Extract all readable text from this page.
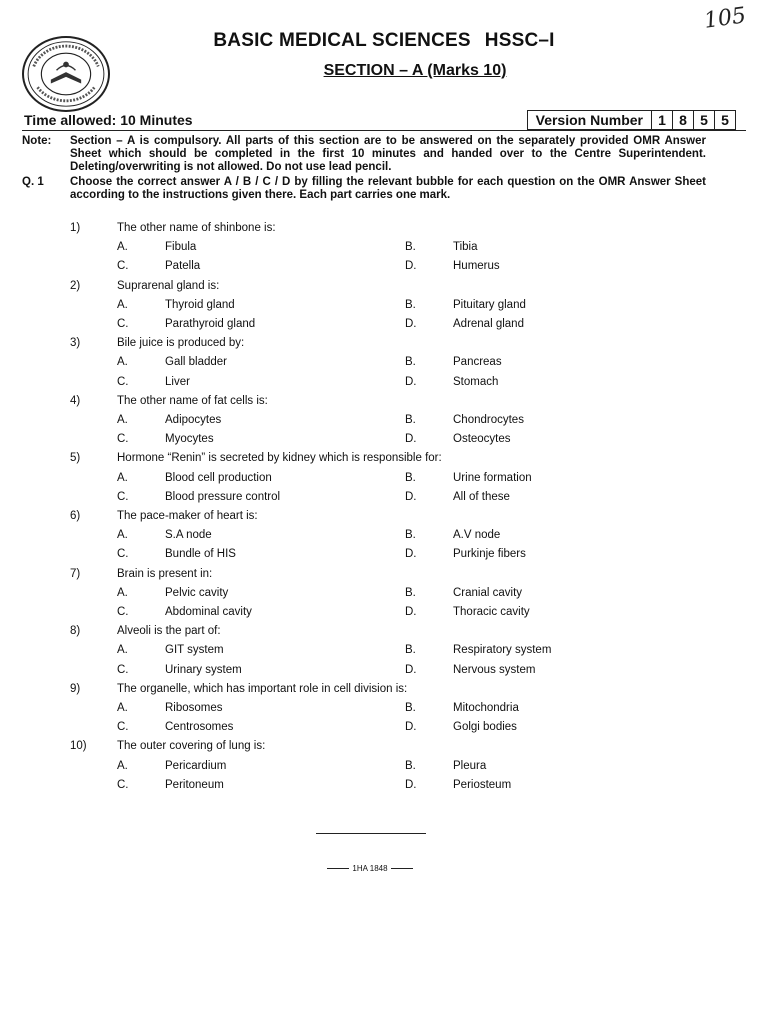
105
BASIC MEDICAL SCIENCES HSSC–I
SECTION – A (Marks 10)
Time allowed: 10 Minutes	Version Number	1 8 5 5
Note: Section – A is compulsory. All parts of this section are to be answered on the separately provided OMR Answer Sheet which should be completed in the first 10 minutes and handed over to the Centre Superintendent. Deleting/overwriting is not allowed. Do not use lead pencil.
Q. 1 Choose the correct answer A / B / C / D by filling the relevant bubble for each question on the OMR Answer Sheet according to the instructions given there. Each part carries one mark.
1)	The other name of shinbone is:
A.	Fibula	B.	Tibia
C.	Patella	D.	Humerus
2)	Suprarenal gland is:
A.	Thyroid gland	B.	Pituitary gland
C.	Parathyroid gland	D.	Adrenal gland
3)	Bile juice is produced by:
A.	Gall bladder	B.	Pancreas
C.	Liver	D.	Stomach
4)	The other name of fat cells is:
A.	Adipocytes	B.	Chondrocytes
C.	Myocytes	D.	Osteocytes
5)	Hormone “Renin” is secreted by kidney which is responsible for:
A.	Blood cell production	B.	Urine formation
C.	Blood pressure control	D.	All of these
6)	The pace-maker of heart is:
A.	S.A node	B.	A.V node
C.	Bundle of HIS	D.	Purkinje fibers
7)	Brain is present in:
A.	Pelvic cavity	B.	Cranial cavity
C.	Abdominal cavity	D.	Thoracic cavity
8)	Alveoli is the part of:
A.	GIT system	B.	Respiratory system
C.	Urinary system	D.	Nervous system
9)	The organelle, which has important role in cell division is:
A.	Ribosomes	B.	Mitochondria
C.	Centrosomes	D.	Golgi bodies
10)	The outer covering of lung is:
A.	Pericardium	B.	Pleura
C.	Peritoneum	D.	Periosteum
1HA 1848
